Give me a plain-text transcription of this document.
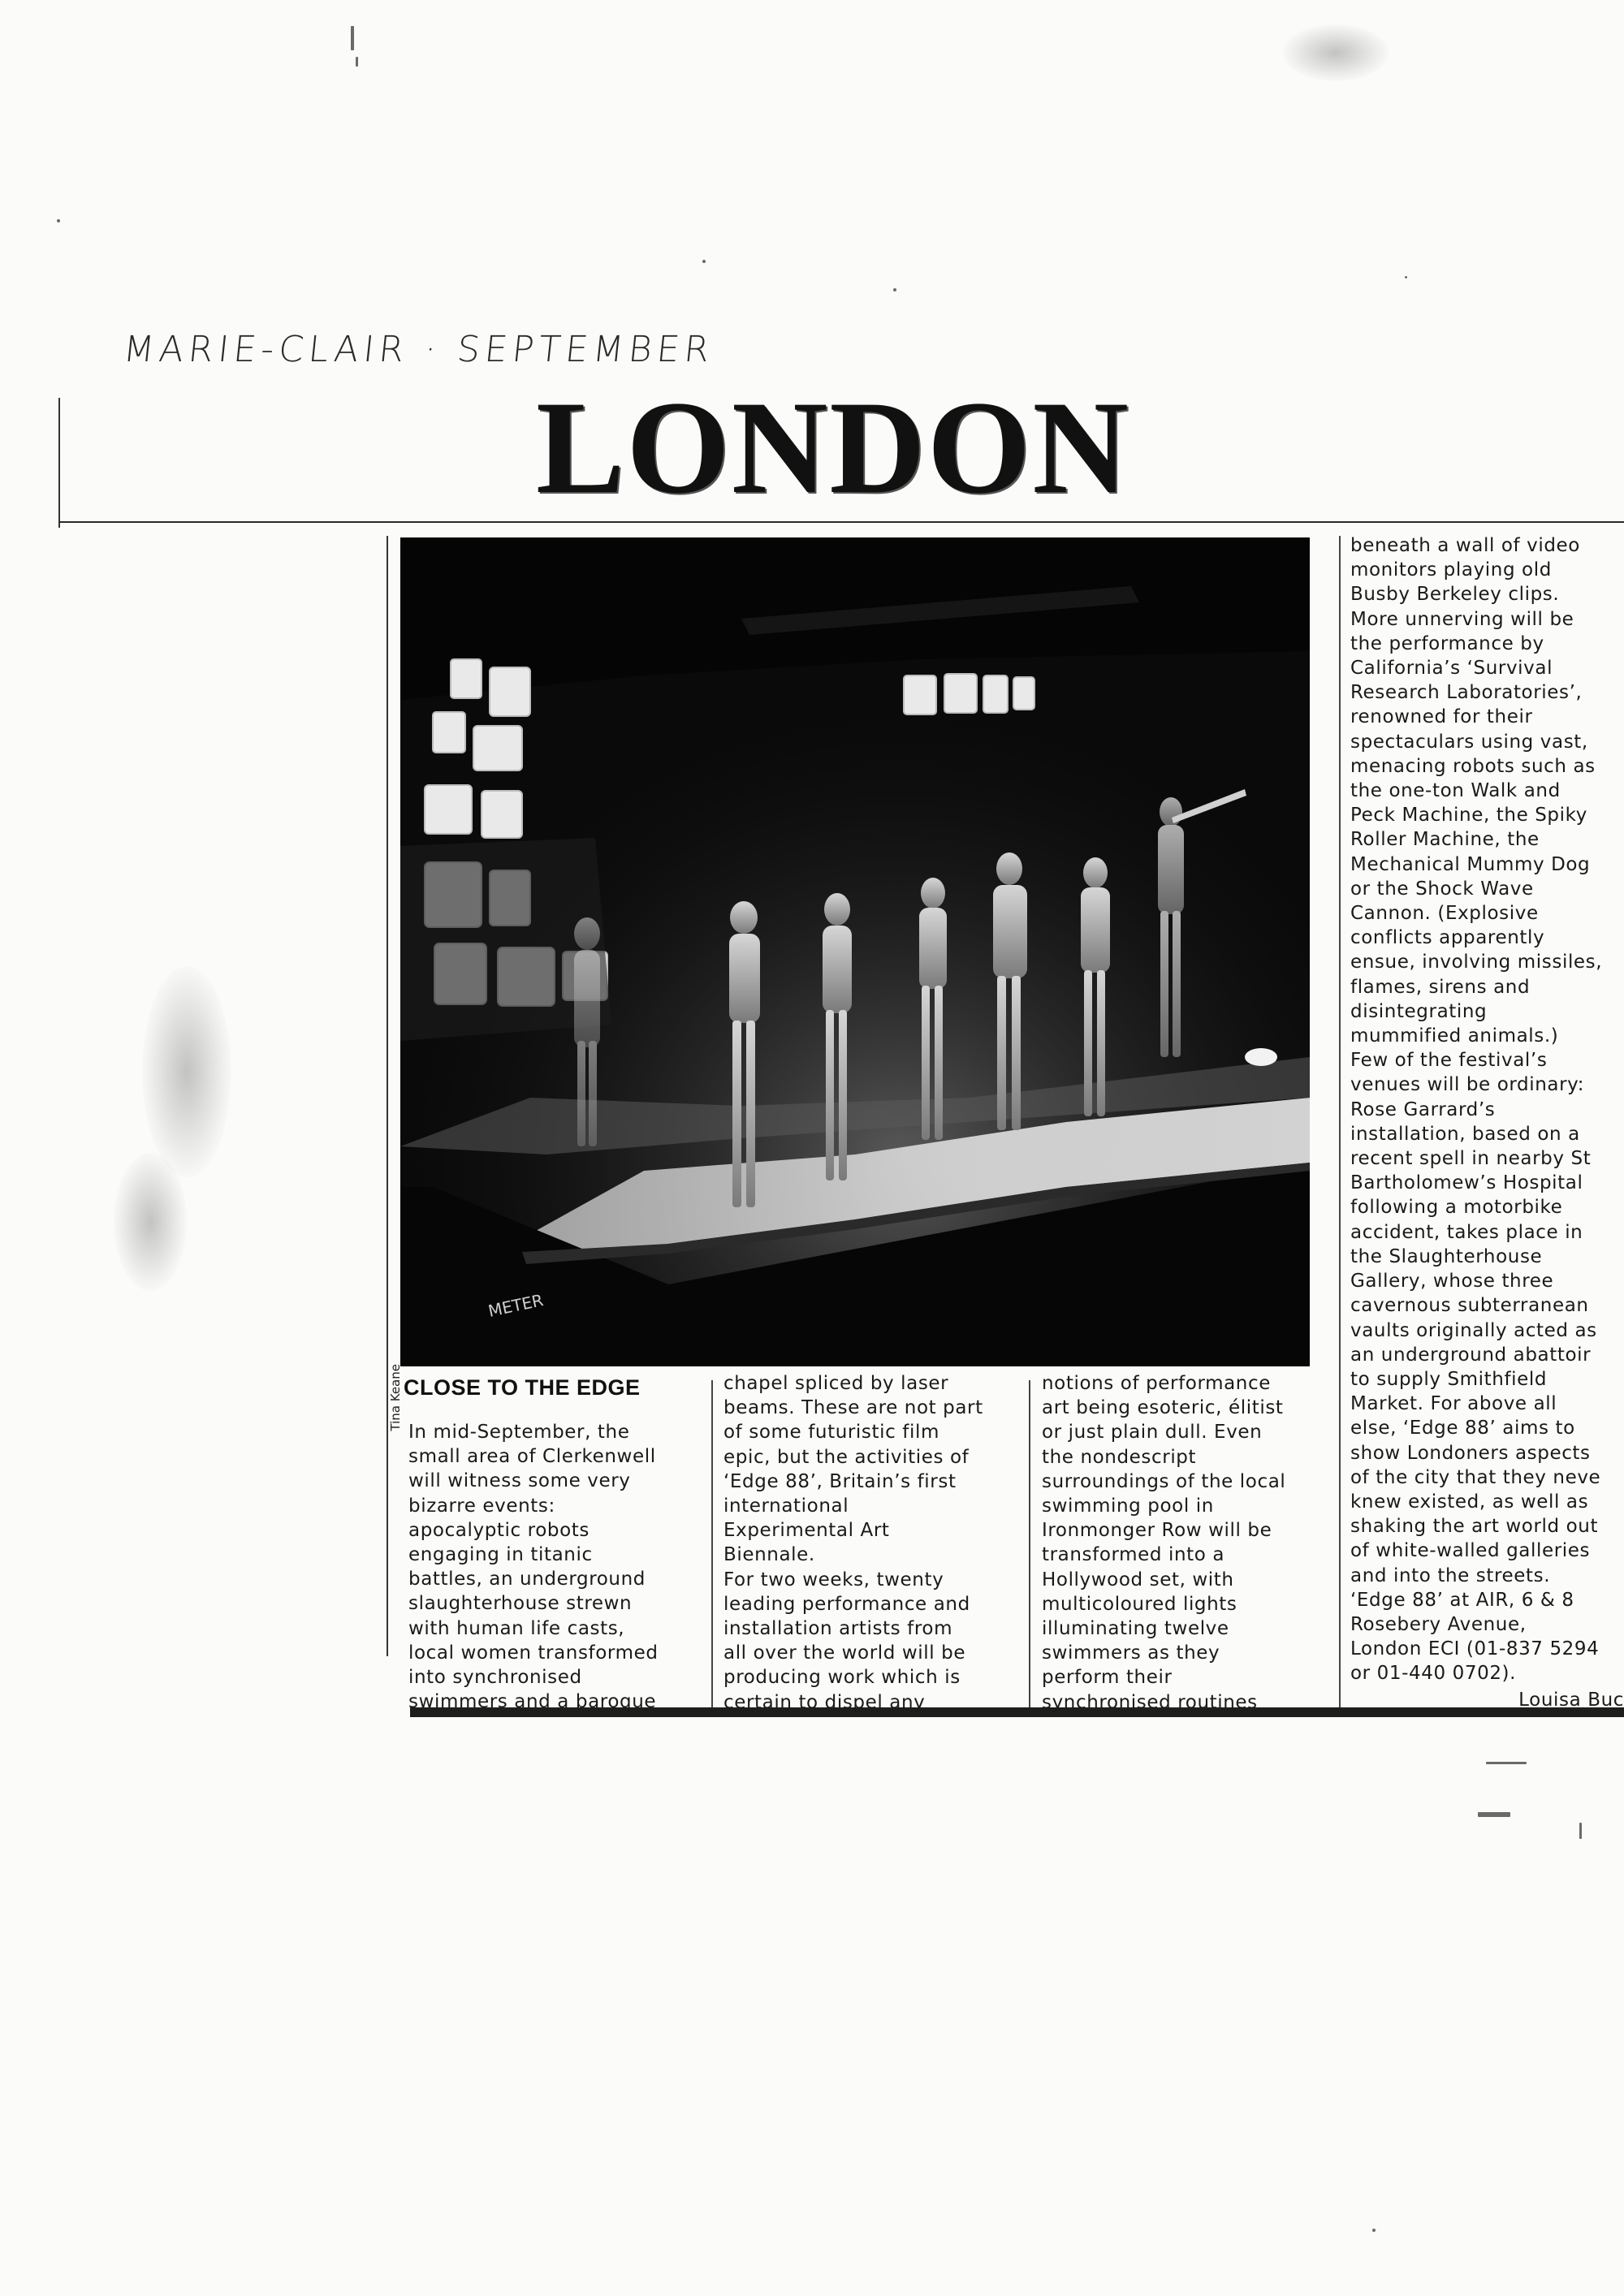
MARIE-CLAIR · SEPTEMBER
LONDON
METER
Tina Keane CLOSE TO THE EDGE
In mid-September, the
small area of Clerkenwell
will witness some very
bizarre events:
apocalyptic robots
engaging in titanic
battles, an underground
slaughterhouse strewn
with human life casts,
local women transformed
into synchronised
swimmers and a baroque
chapel spliced by laser
beams. These are not part
of some futuristic film
epic, but the activities of
‘Edge 88’, Britain’s first
international
Experimental Art
Biennale.
For two weeks, twenty
leading performance and
installation artists from
all over the world will be
producing work which is
certain to dispel any
notions of performance
art being esoteric, élitist
or just plain dull. Even
the nondescript
surroundings of the local
swimming pool in
Ironmonger Row will be
transformed into a
Hollywood set, with
multicoloured lights
illuminating twelve
swimmers as they
perform their
synchronised routines
beneath a wall of video
monitors playing old
Busby Berkeley clips.
More unnerving will be
the performance by
California’s ‘Survival
Research Laboratories’,
renowned for their
spectaculars using vast,
menacing robots such as
the one-ton Walk and
Peck Machine, the Spiky
Roller Machine, the
Mechanical Mummy Dog
or the Shock Wave
Cannon. (Explosive
conflicts apparently
ensue, involving missiles,
flames, sirens and
disintegrating
mummified animals.)
Few of the festival’s
venues will be ordinary:
Rose Garrard’s
installation, based on a
recent spell in nearby St
Bartholomew’s Hospital
following a motorbike
accident, takes place in
the Slaughterhouse
Gallery, whose three
cavernous subterranean
vaults originally acted as
an underground abattoir
to supply Smithfield
Market. For above all
else, ‘Edge 88’ aims to
show Londoners aspects
of the city that they neve
knew existed, as well as
shaking the art world out
of white-walled galleries
and into the streets.
‘Edge 88’ at AIR, 6 & 8
Rosebery Avenue,
London ECI (01-837 5294
or 01-440 0702).
Louisa Buc
